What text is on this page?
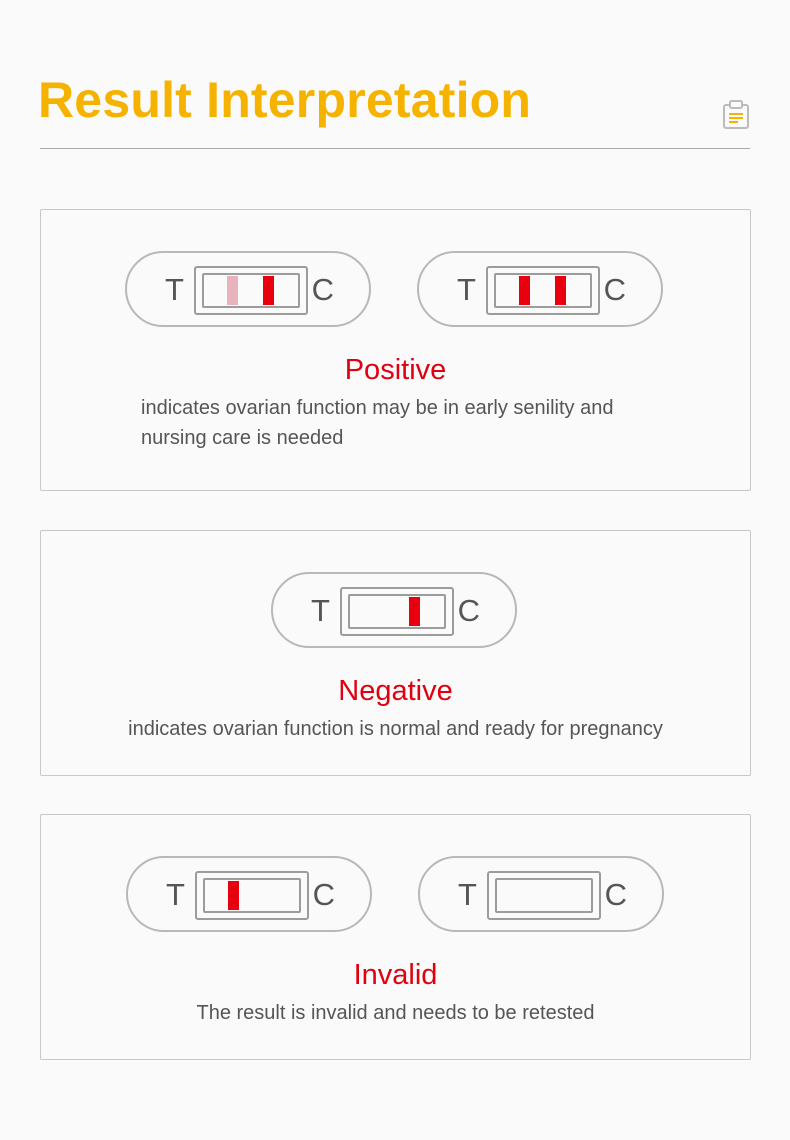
Result Interpretation
T	C	T	C
Positive
indicates ovarian function may be in early senility and nursing care is needed
T	C
Negative
indicates ovarian function is normal and ready for pregnancy
T	C	T	C
Invalid
The result is invalid and needs to be retested
